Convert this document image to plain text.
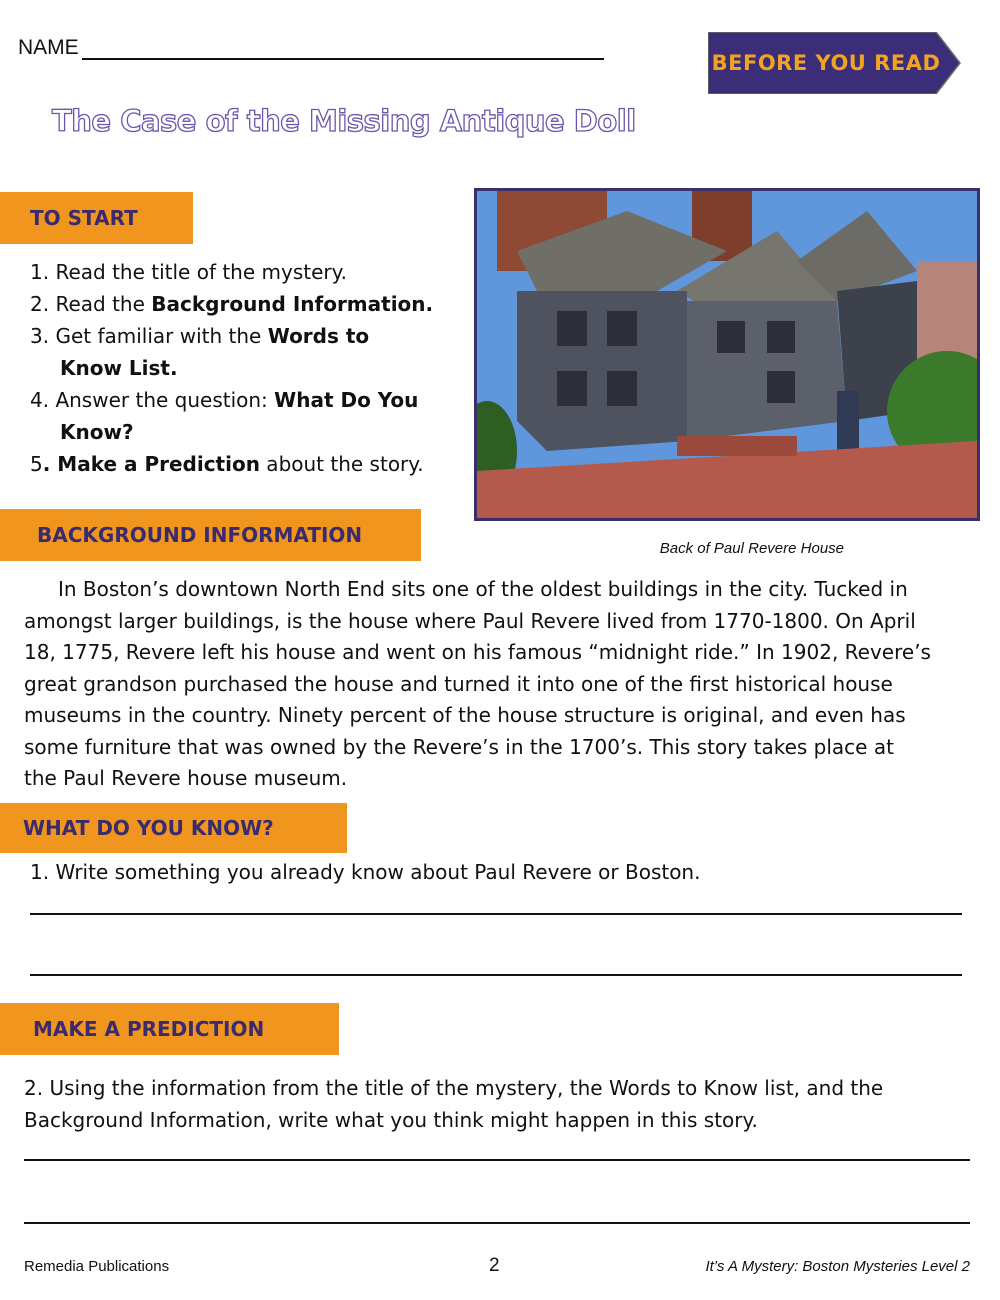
NAME
BEFORE YOU READ
The Case of the Missing Antique Doll
TO START
1. Read the title of the mystery.
2. Read the Background Information.
3. Get familiar with the Words to
Know List.
4. Answer the question: What Do You
Know?
5. Make a Prediction about the story.
Back of Paul Revere House
BACKGROUND INFORMATION
In Boston’s downtown North End sits one of the oldest buildings in the city. Tucked in
amongst larger buildings, is the house where Paul Revere lived from 1770-1800. On April
18, 1775, Revere left his house and went on his famous “midnight ride.” In 1902, Revere’s
great grandson purchased the house and turned it into one of the first historical house
museums in the country. Ninety percent of the house structure is original, and even has
some furniture that was owned by the Revere’s in the 1700’s. This story takes place at
the Paul Revere house museum.
WHAT DO YOU KNOW?
1. Write something you already know about Paul Revere or Boston.
MAKE A PREDICTION
2. Using the information from the title of the mystery, the Words to Know list, and the
Background Information, write what you think might happen in this story.
Remedia Publications	2	It’s A Mystery: Boston Mysteries Level 2
